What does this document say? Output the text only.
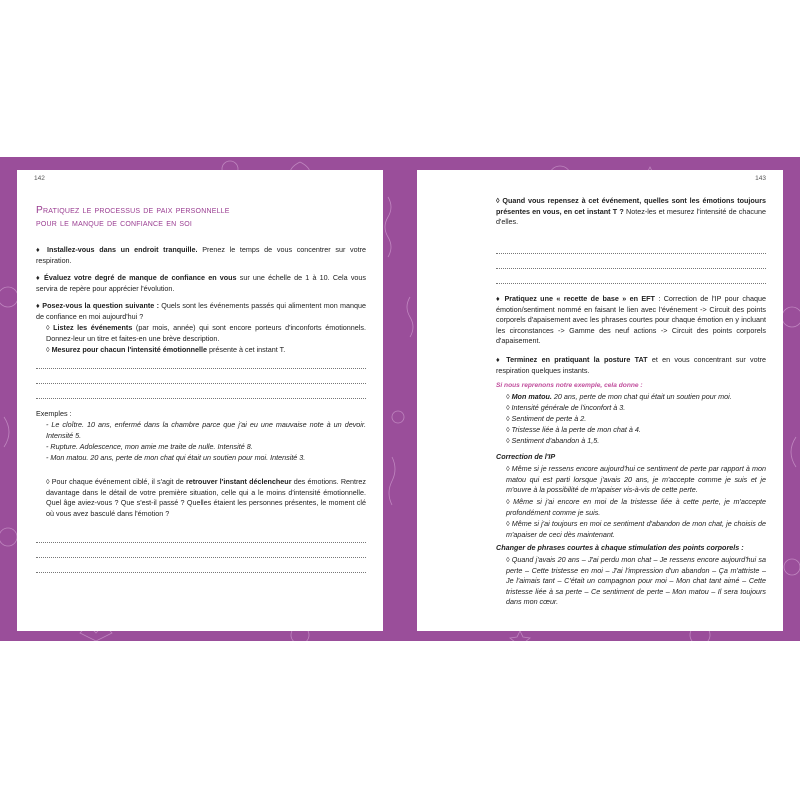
142
Pratiquez le processus de paix personnelle
pour le manque de confiance en soi
♦ Installez-vous dans un endroit tranquille. Prenez le temps de vous concentrer sur votre respiration.
♦ Évaluez votre degré de manque de confiance en vous sur une échelle de 1 à 10. Cela vous servira de repère pour apprécier l'évolution.
♦ Posez-vous la question suivante : Quels sont les événements passés qui alimentent mon manque de confiance en moi aujourd'hui ?
◊ Listez les événements (par mois, année) qui sont encore porteurs d'inconforts émotionnels. Donnez-leur un titre et faites-en une brève description.
◊ Mesurez pour chacun l'intensité émotionnelle présente à cet instant T.
Exemples :
- Le cloître. 10 ans, enfermé dans la chambre parce que j'ai eu une mauvaise note à un devoir. Intensité 5.
- Rupture. Adolescence, mon amie me traite de nulle. Intensité 8.
- Mon matou. 20 ans, perte de mon chat qui était un soutien pour moi. Intensité 3.
◊ Pour chaque événement ciblé, il s'agit de retrouver l'instant déclencheur des émotions. Rentrez davantage dans le détail de votre première situation, celle qui a le moins d'intensité émotionnelle. Quel âge aviez-vous ? Que s'est-il passé ? Quelles étaient les personnes présentes, le moment clé où vous avez basculé dans l'émotion ?
143
◊ Quand vous repensez à cet événement, quelles sont les émotions toujours présentes en vous, en cet instant T ? Notez-les et mesurez l'intensité de chacune d'elles.
♦ Pratiquez une « recette de base » en EFT : Correction de l'IP pour chaque émotion/sentiment nommé en faisant le lien avec l'événement -> Circuit des points corporels d'apaisement avec les phrases courtes pour chaque émotion en y incluant les circonstances -> Gamme des neuf actions -> Circuit des points corporels d'apaisement.
♦ Terminez en pratiquant la posture TAT et en vous concentrant sur votre respiration quelques instants.
Si nous reprenons notre exemple, cela donne :
◊ Mon matou. 20 ans, perte de mon chat qui était un soutien pour moi.
◊ Intensité générale de l'inconfort à 3.
◊ Sentiment de perte à 2.
◊ Tristesse liée à la perte de mon chat à 4.
◊ Sentiment d'abandon à 1,5.
Correction de l'IP
◊ Même si je ressens encore aujourd'hui ce sentiment de perte par rapport à mon matou qui est parti lorsque j'avais 20 ans, je m'accepte comme je suis et je m'ouvre à la possibilité de m'apaiser vis-à-vis de cette perte.
◊ Même si j'ai encore en moi de la tristesse liée à cette perte, je m'accepte profondément comme je suis.
◊ Même si j'ai toujours en moi ce sentiment d'abandon de mon chat, je choisis de m'apaiser de ceci dès maintenant.
Changer de phrases courtes à chaque stimulation des points corporels :
◊ Quand j'avais 20 ans – J'ai perdu mon chat – Je ressens encore aujourd'hui sa perte – Cette tristesse en moi – J'ai l'impression d'un abandon – Ça m'attriste – Je l'aimais tant – C'était un compagnon pour moi – Mon chat tant aimé – Cette tristesse liée à sa perte – Ce sentiment de perte – Mon matou – Il sera toujours dans mon cœur.
